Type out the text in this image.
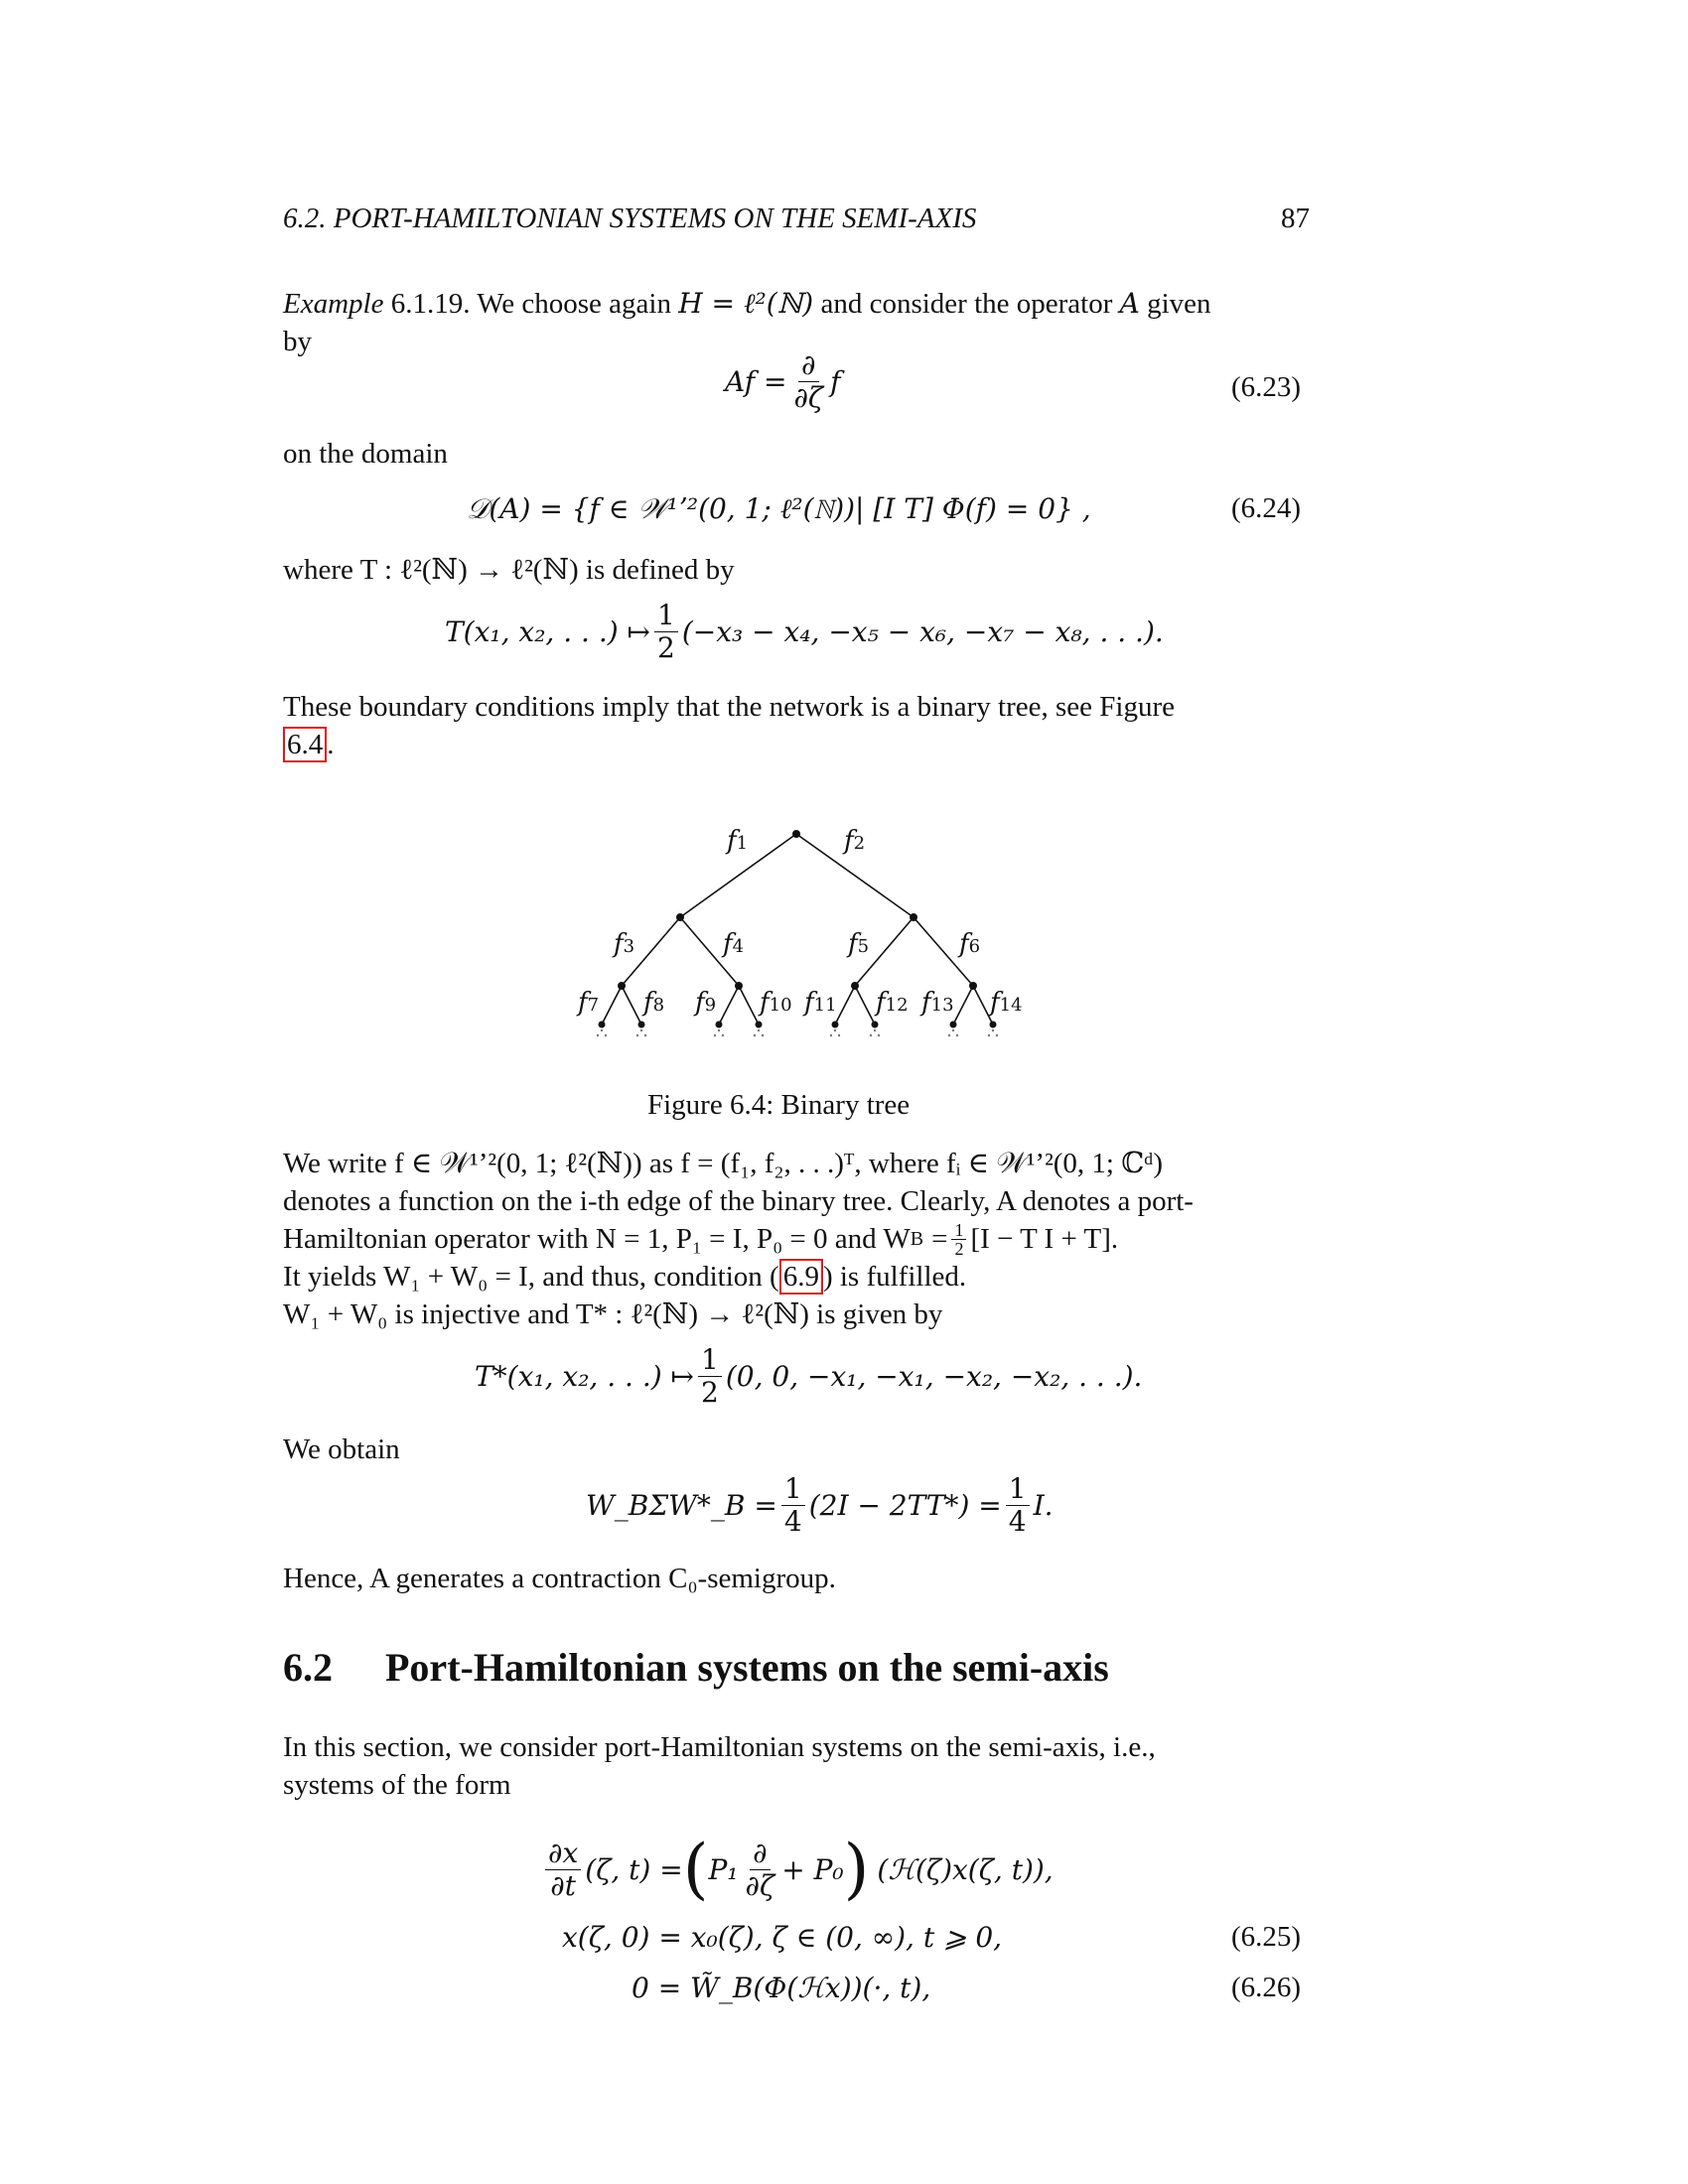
6.2. PORT-HAMILTONIAN SYSTEMS ON THE SEMI-AXIS	87
Example 6.1.19. We choose again H = ℓ²(ℕ) and consider the operator A given
by
$Af = \frac{\partial}{\partial\zeta}$ f	(6.23)
on the domain
𝒟(A) = {f ∈ 𝒲¹ʼ²(0, 1; ℓ²(ℕ))| [I T] Φ(f) = 0} ,	(6.24)
where T : ℓ²(ℕ) → ℓ²(ℕ) is defined by
T(x₁, x₂, . . .) ↦ $\frac{1}{2} (-x_3 - x_4$, −x₅ − x₆, −x₇ − x₈, . . .).
These boundary conditions imply that the network is a binary tree, see Figure
6.4 .
f1	f2
f3	f4	f5	f6
f7 f8 f9 f10 f11 f12 f13 f14
Figure 6.4: Binary tree
We write f ∈ 𝒲¹ʼ²(0, 1; ℓ²(ℕ)) as f = (f₁, f₂, . . .)ᵀ, where fᵢ ∈ 𝒲¹ʼ²(0, 1; ℂᵈ)
denotes a function on the i-th edge of the binary tree. Clearly, A denotes a port-
Hamiltonian operator with N = 1, P₁ = I, P₀ = 0 and W $B = \frac{1}{2} [I - T$ I + T].
It yields W₁ + W₀ = I, and thus, condition ( 6.9 ) is fulfilled.
W₁ + W₀ is injective and T* : ℓ²(ℕ) → ℓ²(ℕ) is given by
T*(x₁, x₂, . . .) ↦ $\frac{1}{2} (0$, 0, −x₁, −x₁, −x₂, −x₂, . . .).
We obtain
W_BΣW*_B = $\frac{1}{4} (2I - 2TT*) = \frac{1}{4} I$.
Hence, A generates a contraction C₀-semigroup.
6.2 Port-Hamiltonian systems on the semi-axis
In this section, we consider port-Hamiltonian systems on the semi-axis, i.e.,
systems of the form
$\frac{\partial x}{\partial t} (\zeta$, t) = ( $P_1 \frac{\partial}{\partial\zeta} + P_0$ ) (ℋ(ζ)x(ζ, t)),
x(ζ, 0) = x₀(ζ), ζ ∈ (0, ∞), t ⩾ 0,	(6.25)
0 = W̃_B(Φ(ℋx))(·, t),	(6.26)
